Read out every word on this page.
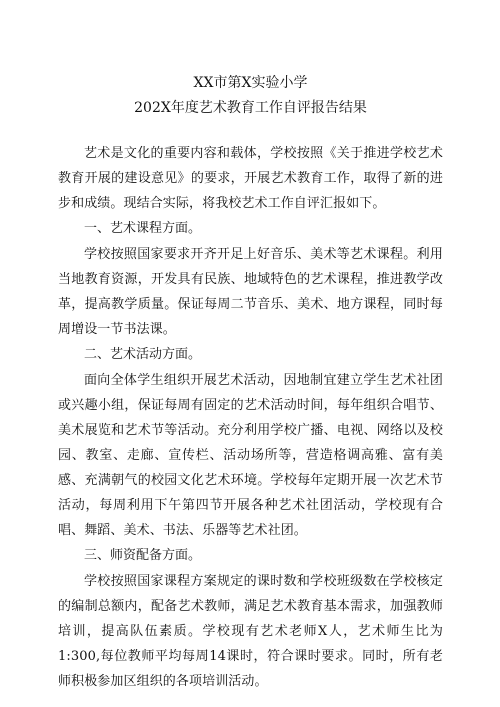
XX市第X实验小学

202X年度艺术教育工作自评报告结果

艺术是文化的重要内容和载体，学校按照《关于推进学校艺术教育开展的建设意见》的要求，开展艺术教育工作，取得了新的进步和成绩。现结合实际，将我校艺术工作自评汇报如下。

一、艺术课程方面。

学校按照国家要求开齐开足上好音乐、美术等艺术课程。利用当地教育资源，开发具有民族、地域特色的艺术课程，推进教学改革，提高教学质量。保证每周二节音乐、美术、地方课程，同时每周增设一节书法课。

二、艺术活动方面。

面向全体学生组织开展艺术活动，因地制宜建立学生艺术社团或兴趣小组，保证每周有固定的艺术活动时间，每年组织合唱节、美术展览和艺术节等活动。充分利用学校广播、电视、网络以及校园、教室、走廊、宣传栏、活动场所等，营造格调高雅、富有美感、充满朝气的校园文化艺术环境。学校每年定期开展一次艺术节活动，每周利用下午第四节开展各种艺术社团活动，学校现有合唱、舞蹈、美术、书法、乐器等艺术社团。

三、师资配备方面。

学校按照国家课程方案规定的课时数和学校班级数在学校核定的编制总额内，配备艺术教师，满足艺术教育基本需求，加强教师培训，提高队伍素质。学校现有艺术老师X人，艺术师生比为1:300,每位教师平均每周14课时，符合课时要求。同时，所有老师积极参加区组织的各项培训活动。
